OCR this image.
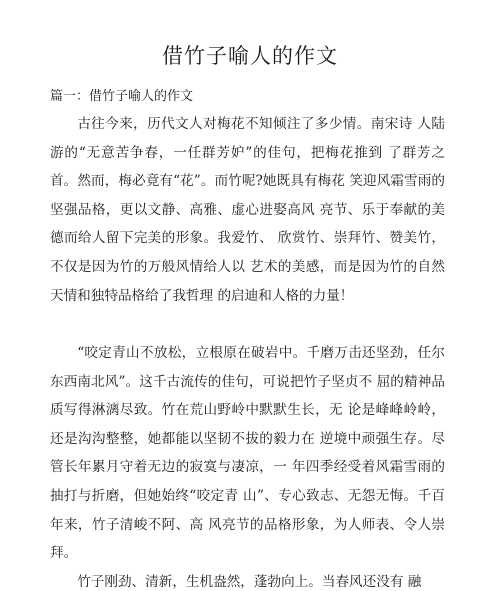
借竹子喻人的作文
篇一：借竹子喻人的作文
古往今来，历代文人对梅花不知倾注了多少情。南宋诗 人陆游的“无意苦争春，一任群芳妒”的佳句，把梅花推到 了群芳之首。然而，梅必竟有“花”。而竹呢?她既具有梅花 笑迎风霜雪雨的坚强品格，更以文静、高雅、虚心进娶高风 亮节、乐于奉献的美德而给人留下完美的形象。我爱竹、 欣赏竹、崇拜竹、赞美竹，不仅是因为竹的万般风情给人以 艺术的美感，而是因为竹的自然天情和独特品格给了我哲理 的启迪和人格的力量！
“咬定青山不放松，立根原在破岩中。千磨万击还坚劲，任尔东西南北风”。这千古流传的佳句，可说把竹子坚贞不 屈的精神品质写得淋漓尽致。竹在荒山野岭中默默生长，无 论是峰峰岭岭，还是沟沟整整，她都能以坚韧不拔的毅力在 逆境中顽强生存。尽管长年累月守着无边的寂寞与凄凉，一 年四季经受着风霜雪雨的抽打与折磨，但她始终“咬定青 山”、专心致志、无怨无悔。千百年来，竹子清峻不阿、高 风亮节的品格形象，为人师表、令人崇拜。
竹子刚劲、清新，生机盎然，蓬勃向上。当春风还没有 融
